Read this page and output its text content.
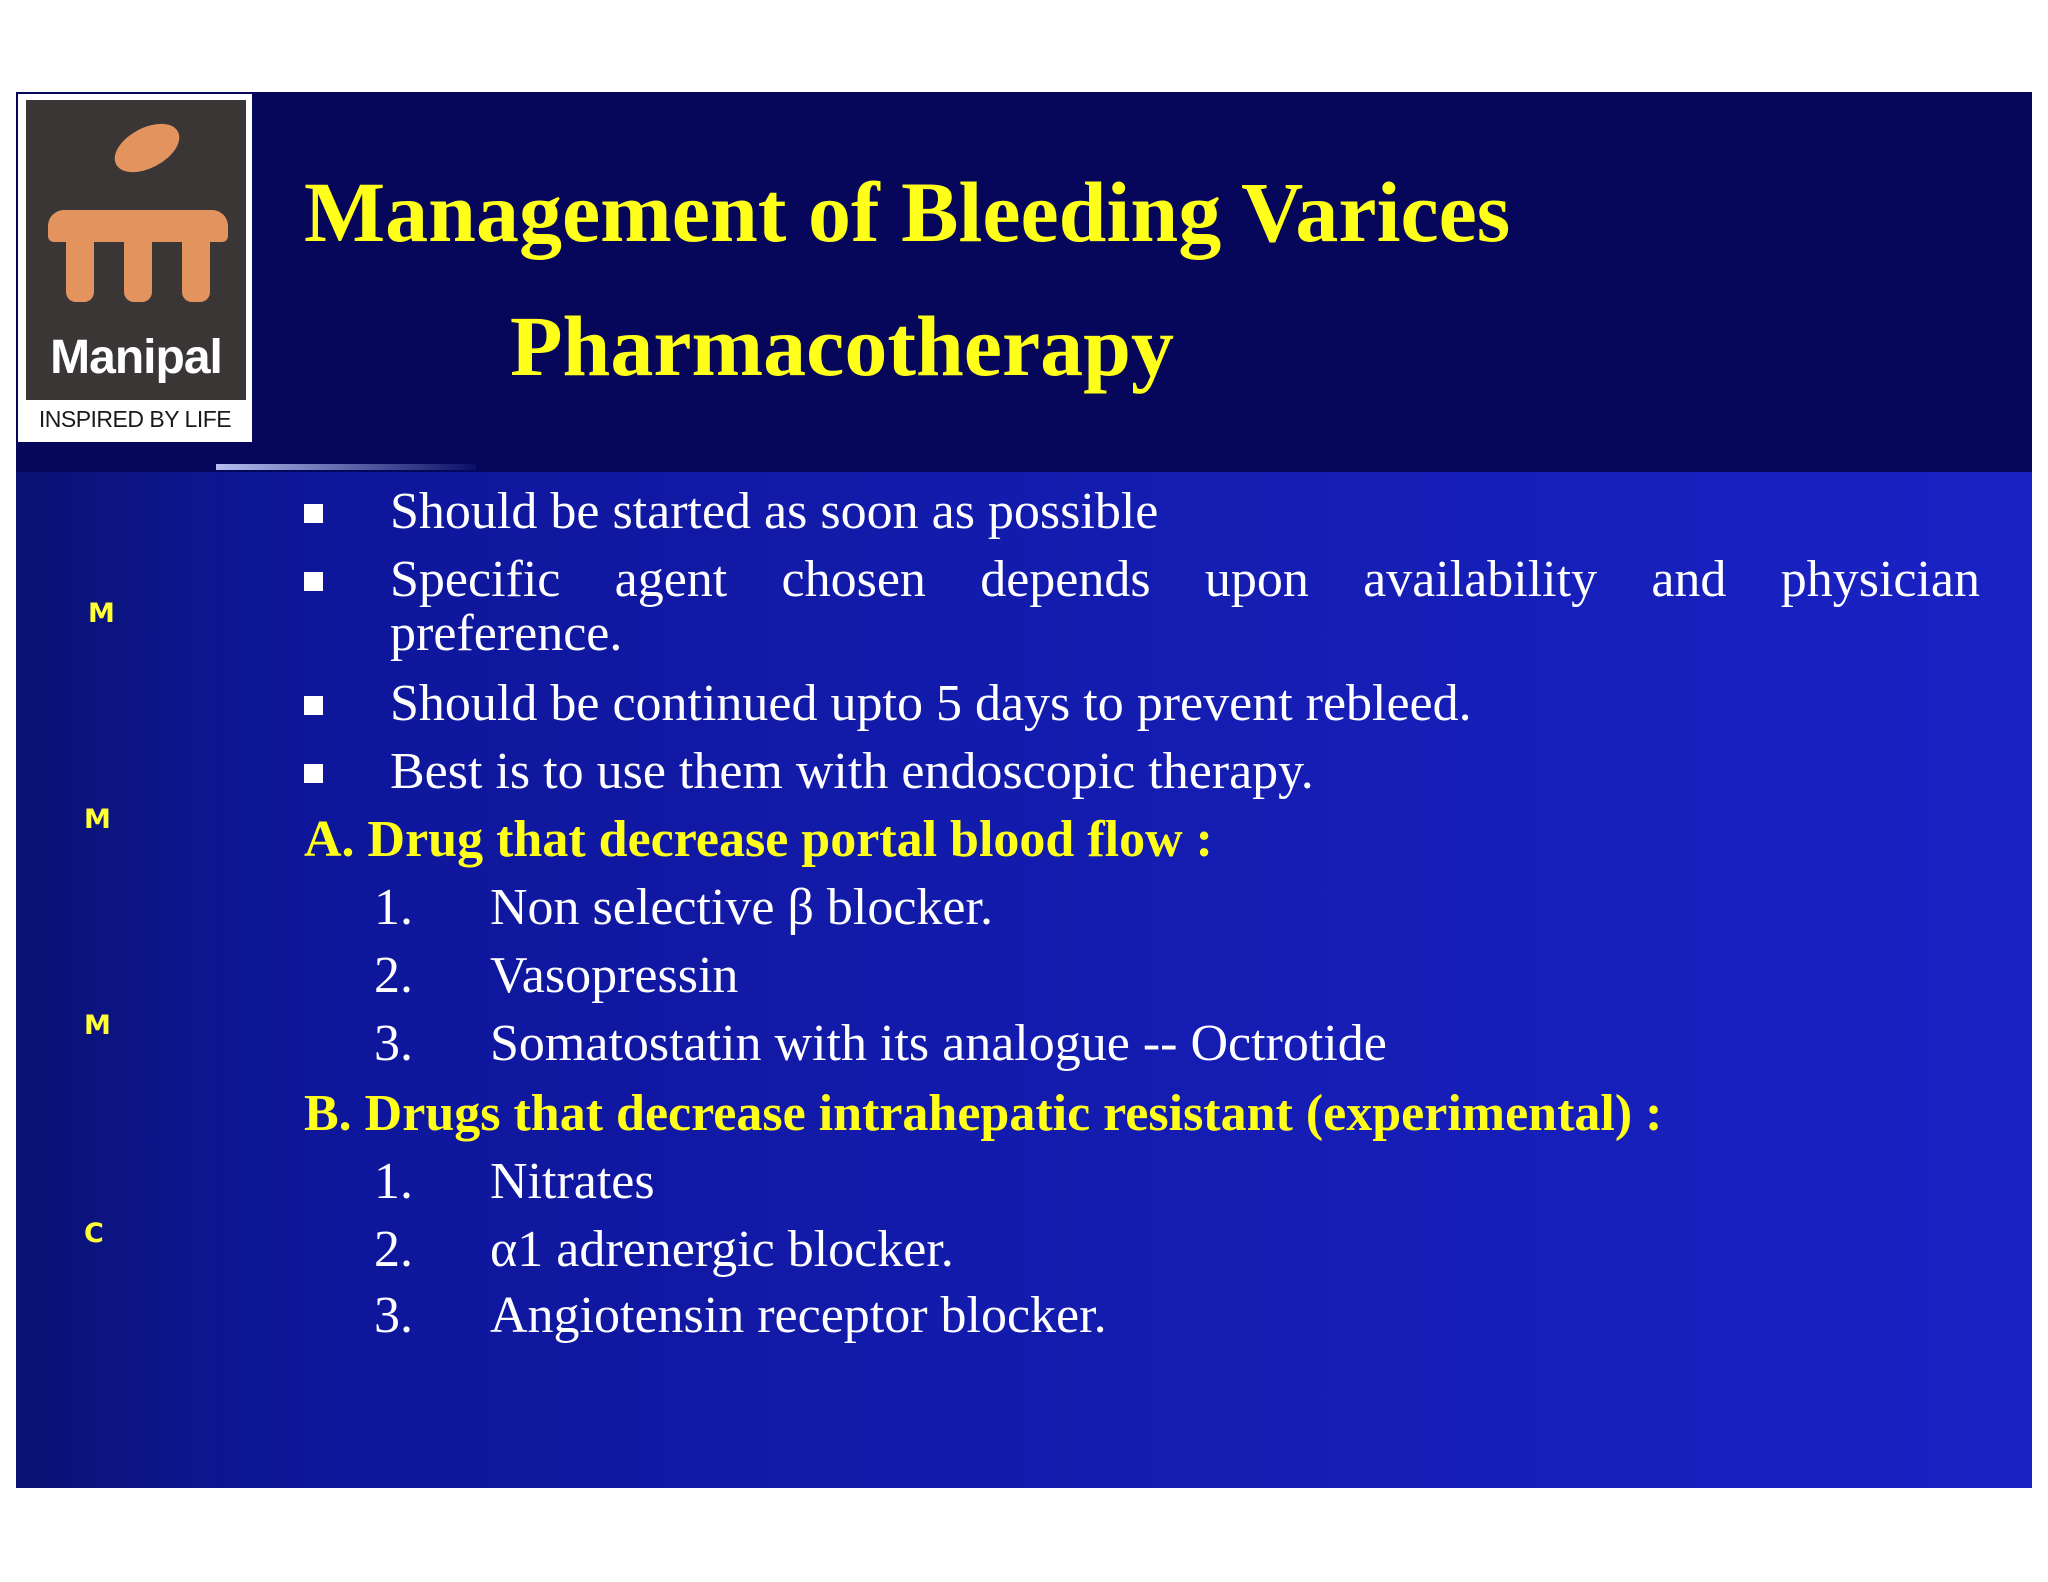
Manipal
INSPIRED BY LIFE
Management of Bleeding Varices
Pharmacotherapy
M
M
M
C
Should be started as soon as possible
Specific agent chosen depends upon availability and physician
preference.
Should be continued upto 5 days to prevent rebleed.
Best is to use them with endoscopic therapy.
A. Drug that decrease portal blood flow :
1. Non selective β blocker.
2. Vasopressin
3. Somatostatin with its analogue -- Octrotide
B. Drugs that decrease intrahepatic resistant (experimental) :
1. Nitrates
2. α1 adrenergic blocker.
3. Angiotensin receptor blocker.
